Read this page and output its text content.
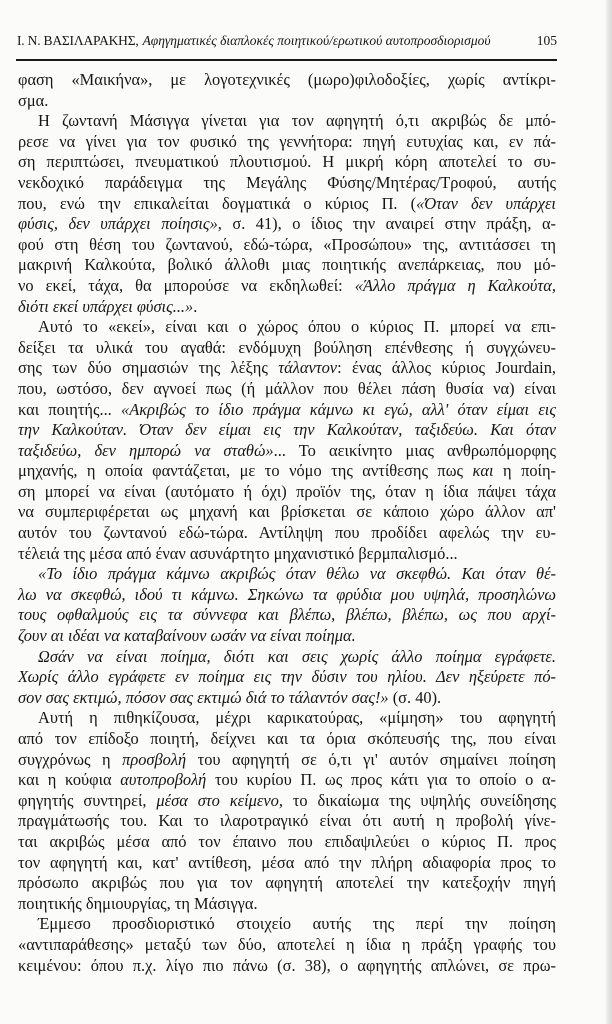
Ι. Ν. ΒΑΣΙΛΑΡΑΚΗΣ, Αφηγηματικές διαπλοκές ποιητικού/ερωτικού αυτοπροσδιορισμού	105
φαση «Μαικήνα», με λογοτεχνικές (μωρο)φιλοδοξίες, χωρίς αντίκρι-
σμα.
Η ζωντανή Μάσιγγα γίνεται για τον αφηγητή ό,τι ακριβώς δε μπό-
ρεσε να γίνει για τον φυσικό της γεννήτορα: πηγή ευτυχίας και, εν πά-
ση περιπτώσει, πνευματικού πλουτισμού. Η μικρή κόρη αποτελεί το συ-
νεκδοχικό παράδειγμα της Μεγάλης Φύσης/Μητέρας/Τροφού, αυτής
που, ενώ την επικαλείται δογματικά ο κύριος Π. («Όταν δεν υπάρχει
φύσις, δεν υπάρχει ποίησις», σ. 41), ο ίδιος την αναιρεί στην πράξη, α-
φού στη θέση του ζωντανού, εδώ-τώρα, «Προσώπου» της, αντιτάσσει τη
μακρινή Καλκούτα, βολικό άλλοθι μιας ποιητικής ανεπάρκειας, που μό-
νο εκεί, τάχα, θα μπορούσε να εκδηλωθεί: «Άλλο πράγμα η Καλκούτα,
διότι εκεί υπάρχει φύσις...».
Αυτό το «εκεί», είναι και ο χώρος όπου ο κύριος Π. μπορεί να επι-
δείξει τα υλικά του αγαθά: ενδόμυχη βούληση επένθεσης ή συγχώνευ-
σης των δύο σημασιών της λέξης τάλαντον: ένας άλλος κύριος Jourdain,
που, ωστόσο, δεν αγνοεί πως (ή μάλλον που θέλει πάση θυσία να) είναι
και ποιητής... «Ακριβώς το ίδιο πράγμα κάμνω κι εγώ, αλλ' όταν είμαι εις
την Καλκούταν. Όταν δεν είμαι εις την Καλκούταν, ταξιδεύω. Και όταν
ταξιδεύω, δεν ημπορώ να σταθώ»... Το αεικίνητο μιας ανθρωπόμορφης
μηχανής, η οποία φαντάζεται, με το νόμο της αντίθεσης πως και η ποίη-
ση μπορεί να είναι (αυτόματο ή όχι) προϊόν της, όταν η ίδια πάψει τάχα
να συμπεριφέρεται ως μηχανή και βρίσκεται σε κάποιο χώρο άλλον απ'
αυτόν του ζωντανού εδώ-τώρα. Αντίληψη που προδίδει αφελώς την ευ-
τέλειά της μέσα από έναν ασυνάρτητο μηχανιστικό βερμπαλισμό...
«Το ίδιο πράγμα κάμνω ακριβώς όταν θέλω να σκεφθώ. Και όταν θέ-
λω να σκεφθώ, ιδού τι κάμνω. Σηκώνω τα φρύδια μου υψηλά, προσηλώνω
τους οφθαλμούς εις τα σύννεφα και βλέπω, βλέπω, βλέπω, ως που αρχί-
ζουν αι ιδέαι να καταβαίνουν ωσάν να είναι ποίημα.
Ωσάν να είναι ποίημα, διότι και σεις χωρίς άλλο ποίημα εγράφετε.
Χωρίς άλλο εγράφετε εν ποίημα εις την δύσιν του ηλίου. Δεν ηξεύρετε πό-
σον σας εκτιμώ, πόσον σας εκτιμώ διά το τάλαντόν σας!» (σ. 40).
Αυτή η πιθηκίζουσα, μέχρι καρικατούρας, «μίμηση» του αφηγητή
από τον επίδοξο ποιητή, δείχνει και τα όρια σκόπευσής της, που είναι
συγχρόνως η προσβολή του αφηγητή σε ό,τι γι' αυτόν σημαίνει ποίηση
και η κούφια αυτοπροβολή του κυρίου Π. ως προς κάτι για το οποίο ο α-
φηγητής συντηρεί, μέσα στο κείμενο, το δικαίωμα της υψηλής συνείδησης
πραγμάτωσής του. Και το ιλαροτραγικό είναι ότι αυτή η προβολή γίνε-
ται ακριβώς μέσα από τον έπαινο που επιδαψιλεύει ο κύριος Π. προς
τον αφηγητή και, κατ' αντίθεση, μέσα από την πλήρη αδιαφορία προς το
πρόσωπο ακριβώς που για τον αφηγητή αποτελεί την κατεξοχήν πηγή
ποιητικής δημιουργίας, τη Μάσιγγα.
Έμμεσο προσδιοριστικό στοιχείο αυτής της περί την ποίηση
«αντιπαράθεσης» μεταξύ των δύο, αποτελεί η ίδια η πράξη γραφής του
κειμένου: όπου π.χ. λίγο πιο πάνω (σ. 38), ο αφηγητής απλώνει, σε πρω-
